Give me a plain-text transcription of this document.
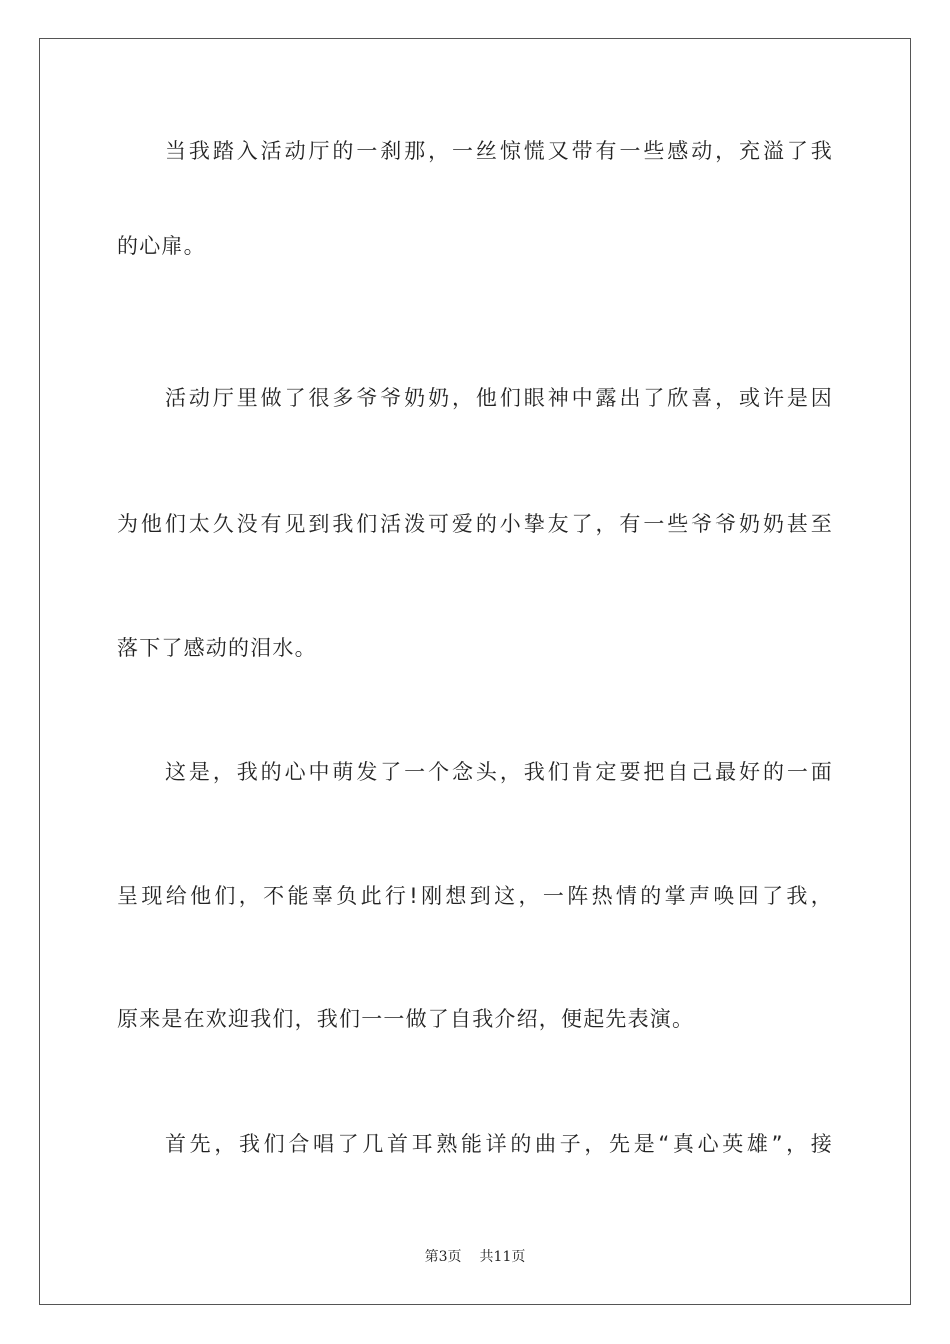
当我踏入活动厅的一刹那，一丝惊慌又带有一些感动，充溢了我
的心扉。
活动厅里做了很多爷爷奶奶，他们眼神中露出了欣喜，或许是因
为他们太久没有见到我们活泼可爱的小挚友了，有一些爷爷奶奶甚至
落下了感动的泪水。
这是，我的心中萌发了一个念头，我们肯定要把自己最好的一面
呈现给他们，不能辜负此行!刚想到这，一阵热情的掌声唤回了我，
原来是在欢迎我们，我们一一做了自我介绍，便起先表演。
首先，我们合唱了几首耳熟能详的曲子，先是“真心英雄”，接
第3页 共11页
